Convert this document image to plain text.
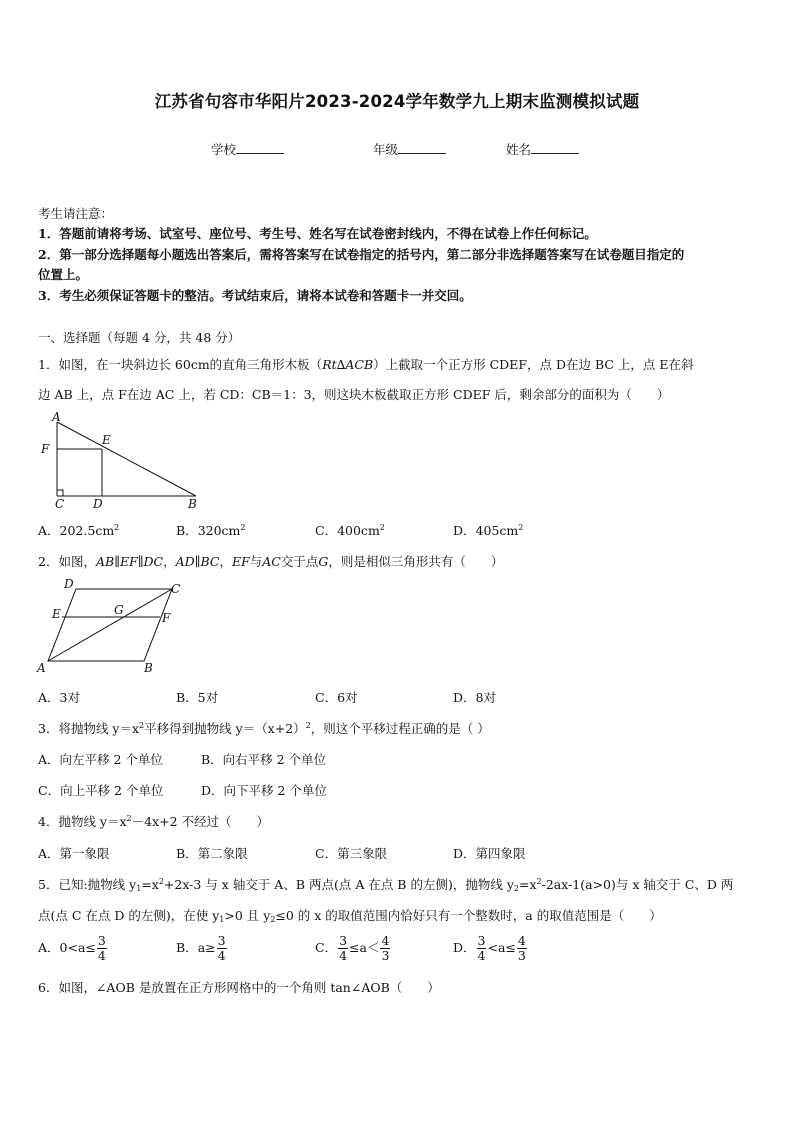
江苏省句容市华阳片2023-2024学年数学九上期末监测模拟试题
学校	年级	姓名
考生请注意：
1．答题前请将考场、试室号、座位号、考生号、姓名写在试卷密封线内，不得在试卷上作任何标记。
2．第一部分选择题每小题选出答案后，需将答案写在试卷指定的括号内，第二部分非选择题答案写在试卷题目指定的
位置上。
3．考生必须保证答题卡的整洁。考试结束后，请将本试卷和答题卡一并交回。
一、选择题（每题 4 分，共 48 分）
1．如图，在一块斜边长 60cm的直角三角形木板（Rt∆ACB）上截取一个正方形 CDEF，点 D在边 BC 上，点 E在斜
边 AB 上，点 F在边 AC 上，若 CD：CB＝1：3，则这块木板截取正方形 CDEF 后，剩余部分的面积为（　　）
A
E
F
C D	B
A．$202.5cm^2$	B．$320cm^2$	C．$400cm^2$	D．$405cm^2$
2．如图，AB∥EF∥DC，AD∥BC，EF与AC交于点G，则是相似三角形共有（　　）
D	C
E	G
F
A	B
A．3对	B．5对	C．6对	D．8对
3．将抛物线 $y=x^2$平移得到抛物线 $y=(x+2)^2$，则这个平移过程正确的是（ ）
A．向左平移 2 个单位	B．向右平移 2 个单位
C．向上平移 2 个单位	D．向下平移 2 个单位
4．抛物线 $y=x^2-4x+2$ 不经过（　　）
A．第一象限	B．第二象限	C．第三象限	D．第四象限
5．已知:抛物线 $y_1=x^2+2x-3$ 与 x 轴交于 A、B 两点(点 A 在点 B 的左侧)，抛物线 $y_2=x^2-2ax-1(a>0)$与 x 轴交于 C、D 两
点(点 C 在点 D 的左侧)，在使 $y_1>0$ 且 $y_2\le 0$ 的 x 的取值范围内恰好只有一个整数时，a 的取值范围是（　　）
A．$0<a\le \frac{3}{4}$	B．$a\ge \frac{3}{4}$	C． $\frac{3}{4} \le a< \frac{4}{3}$	D． $\frac{3}{4} <a\le \frac{4}{3}$
6．如图，∠AOB 是放置在正方形网格中的一个角则 tan∠AOB（　　）
